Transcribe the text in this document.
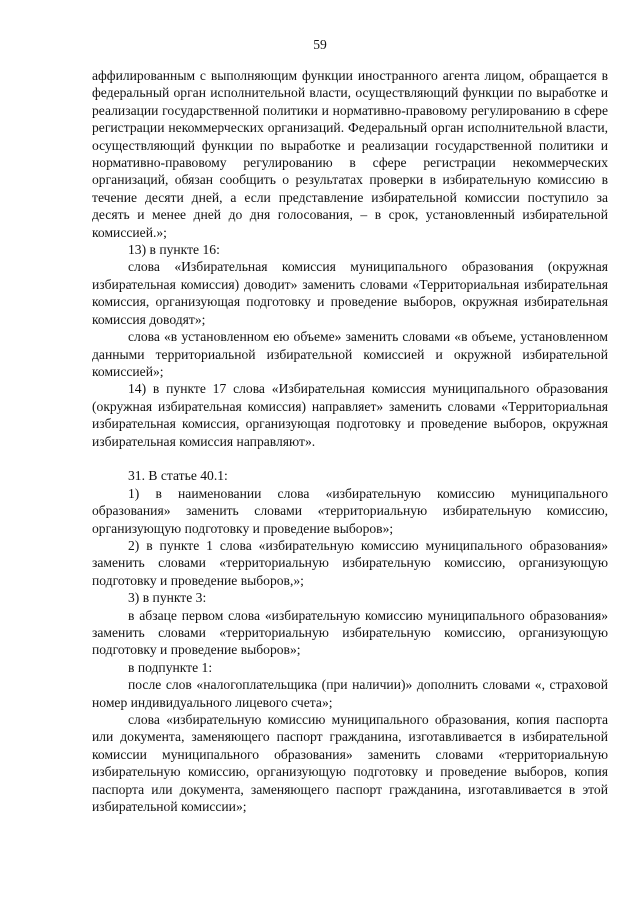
59

аффилированным с выполняющим функции иностранного агента лицом, обращается в федеральный орган исполнительной власти, осуществляющий функции по выработке и реализации государственной политики и нормативно-правовому регулированию в сфере регистрации некоммерческих организаций. Федеральный орган исполнительной власти, осуществляющий функции по выработке и реализации государственной политики и нормативно-правовому регулированию в сфере регистрации некоммерческих организаций, обязан сообщить о результатах проверки в избирательную комиссию в течение десяти дней, а если представление избирательной комиссии поступило за десять и менее дней до дня голосования, – в срок, установленный избирательной комиссией.»;

13) в пункте 16:

слова «Избирательная комиссия муниципального образования (окружная избирательная комиссия) доводит» заменить словами «Территориальная избирательная комиссия, организующая подготовку и проведение выборов, окружная избирательная комиссия доводят»;

слова «в установленном ею объеме» заменить словами «в объеме, установленном данными территориальной избирательной комиссией и окружной избирательной комиссией»;

14) в пункте 17 слова «Избирательная комиссия муниципального образования (окружная избирательная комиссия) направляет» заменить словами «Территориальная избирательная комиссия, организующая подготовку и проведение выборов, окружная избирательная комиссия направляют».

31. В статье 40.1:

1) в наименовании слова «избирательную комиссию муниципального образования» заменить словами «территориальную избирательную комиссию, организующую подготовку и проведение выборов»;

2) в пункте 1 слова «избирательную комиссию муниципального образования» заменить словами «территориальную избирательную комиссию, организующую подготовку и проведение выборов,»;

3) в пункте 3:

в абзаце первом слова «избирательную комиссию муниципального образования» заменить словами «территориальную избирательную комиссию, организующую подготовку и проведение выборов»;

в подпункте 1:

после слов «налогоплательщика (при наличии)» дополнить словами «, страховой номер индивидуального лицевого счета»;

слова «избирательную комиссию муниципального образования, копия паспорта или документа, заменяющего паспорт гражданина, изготавливается в избирательной комиссии муниципального образования» заменить словами «территориальную избирательную комиссию, организующую подготовку и проведение выборов, копия паспорта или документа, заменяющего паспорт гражданина, изготавливается в этой избирательной комиссии»;
